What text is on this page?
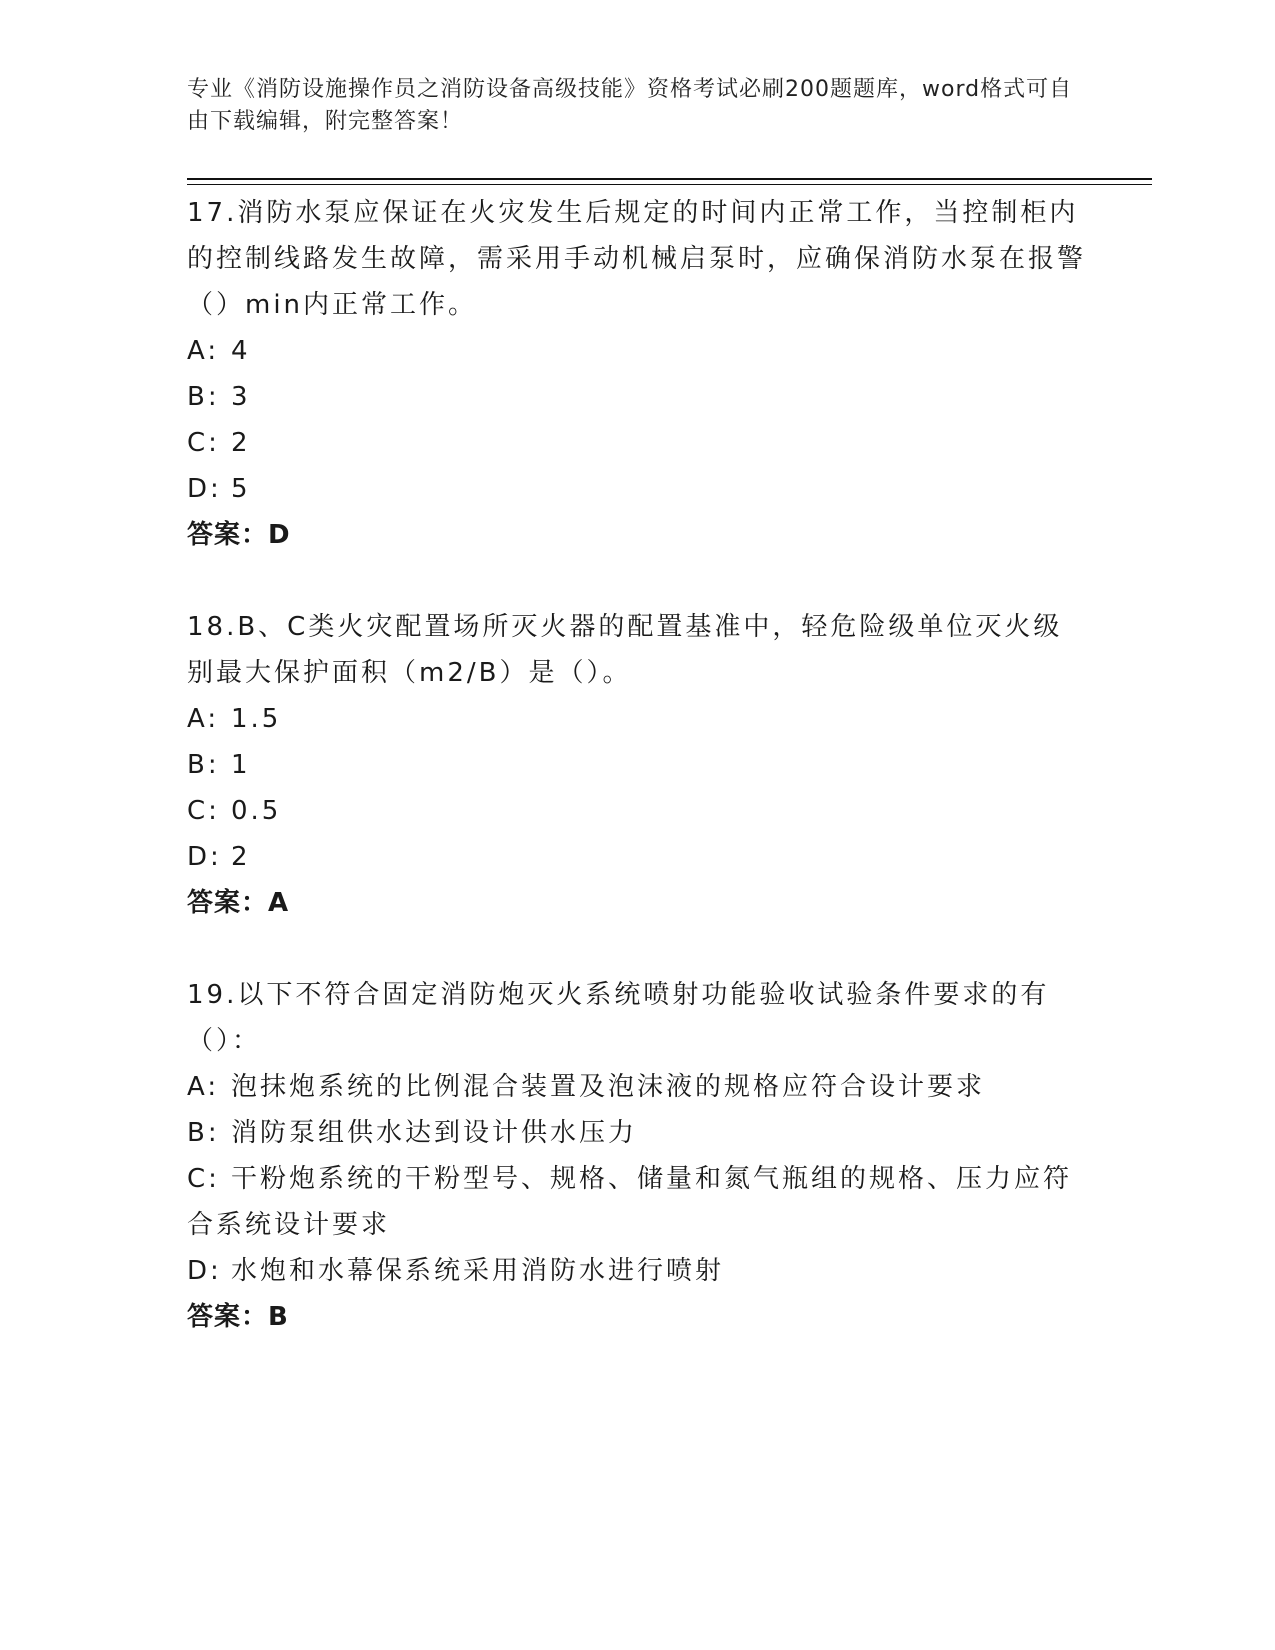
专业《消防设施操作员之消防设备高级技能》资格考试必刷200题题库，word格式可自由下载编辑，附完整答案！

17.消防水泵应保证在火灾发生后规定的时间内正常工作，当控制柜内的控制线路发生故障，需采用手动机械启泵时，应确保消防水泵在报警（）min内正常工作。

A: 4

B: 3

C: 2

D: 5

答案：D

18.B、C类火灾配置场所灭火器的配置基准中，轻危险级单位灭火级别最大保护面积（m2/B）是（）。

A: 1.5

B: 1

C: 0.5

D: 2

答案：A

19.以下不符合固定消防炮灭火系统喷射功能验收试验条件要求的有（）：

A: 泡抹炮系统的比例混合装置及泡沫液的规格应符合设计要求

B: 消防泵组供水达到设计供水压力

C: 干粉炮系统的干粉型号、规格、储量和氮气瓶组的规格、压力应符合系统设计要求

D: 水炮和水幕保系统采用消防水进行喷射

答案：B
